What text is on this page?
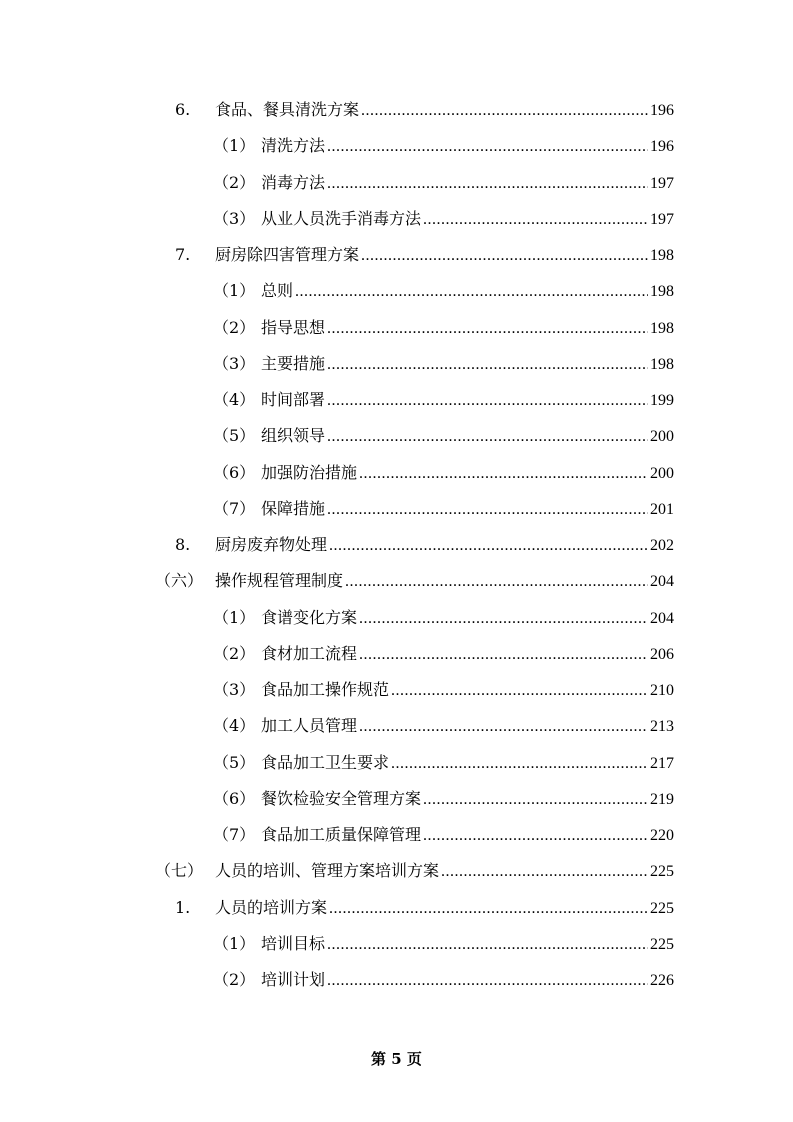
6.	食品、餐具清洗方案 .....	196
（1） 清洗方法 .....	196
（2） 消毒方法 .....	197
（3） 从业人员洗手消毒方法 .....	197
7.	厨房除四害管理方案 .....	198
（1） 总则 .....	198
（2） 指导思想 .....	198
（3） 主要措施 .....	198
（4） 时间部署 .....	199
（5） 组织领导 .....	200
（6） 加强防治措施 .....	200
（7） 保障措施 .....	201
8.	厨房废弃物处理 .....	202
（六） 操作规程管理制度 .....	204
（1） 食谱变化方案 .....	204
（2） 食材加工流程 .....	206
（3） 食品加工操作规范 .....	210
（4） 加工人员管理 .....	213
（5） 食品加工卫生要求 .....	217
（6） 餐饮检验安全管理方案 .....	219
（7） 食品加工质量保障管理 .....	220
（七） 人员的培训、管理方案培训方案 .....	225
1.	人员的培训方案 .....	225
（1） 培训目标 .....	225
（2） 培训计划 .....	226
第 5 页
